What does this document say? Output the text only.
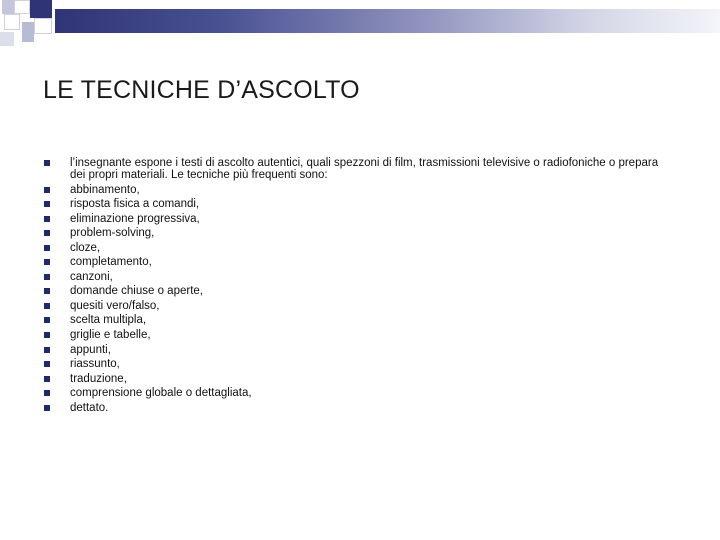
LE TECNICHE D’ASCOLTO
l’insegnante espone i testi di ascolto autentici, quali spezzoni di film, trasmissioni televisive o radiofoniche o prepara dei propri materiali. Le tecniche più frequenti sono:
abbinamento,
risposta fisica a comandi,
eliminazione progressiva,
problem-solving,
cloze,
completamento,
canzoni,
domande chiuse o aperte,
quesiti vero/falso,
scelta multipla,
griglie e tabelle,
appunti,
riassunto,
traduzione,
comprensione globale o dettagliata,
dettato.
